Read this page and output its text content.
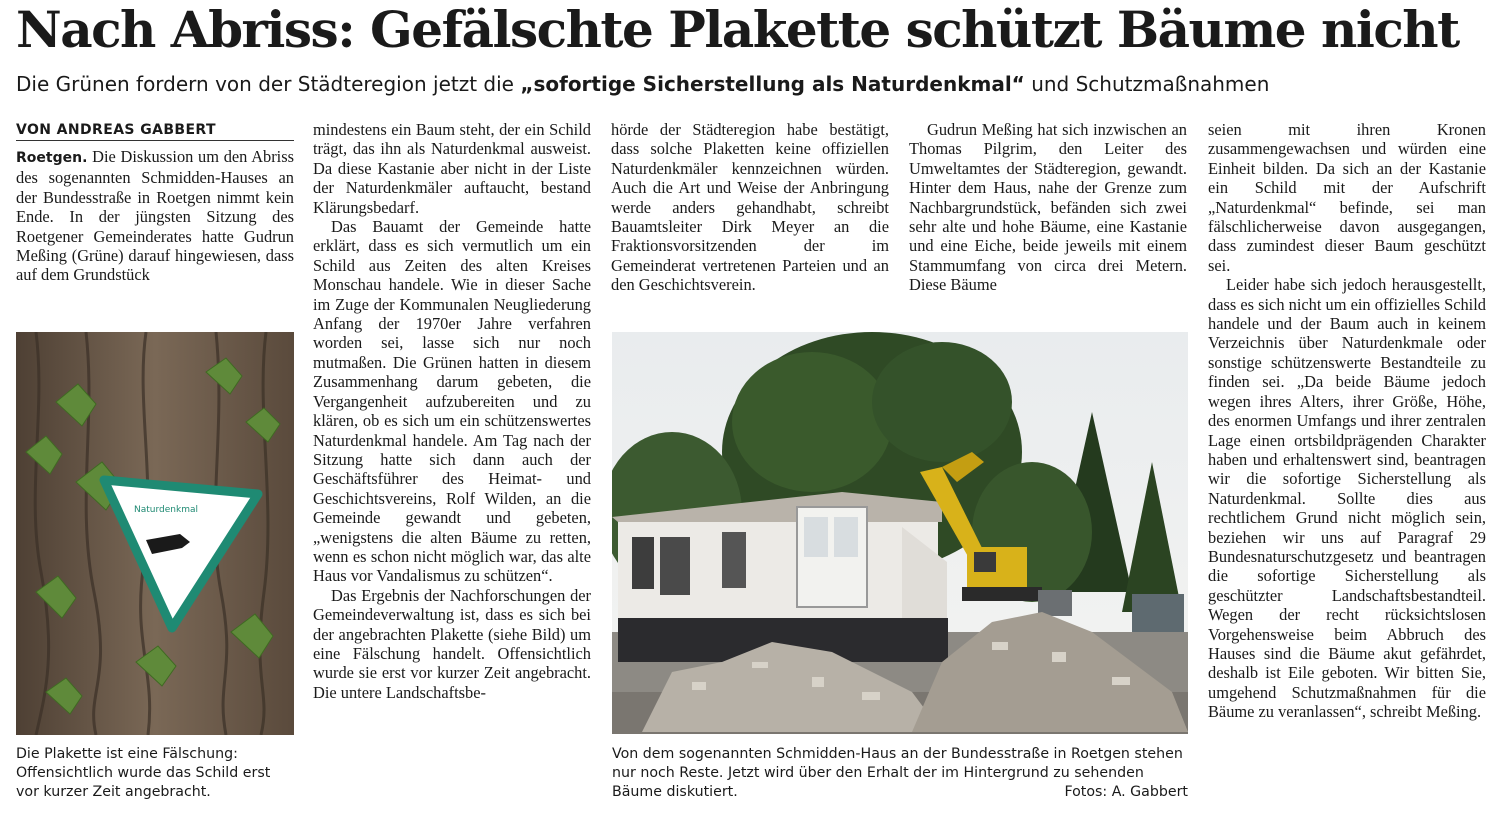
Nach Abriss: Gefälschte Plakette schützt Bäume nicht
Die Grünen fordern von der Städteregion jetzt die „sofortige Sicherstellung als Naturdenkmal“ und Schutzmaßnahmen
VON ANDREAS GABBERT

Roetgen. Die Diskussion um den Abriss des sogenannten Schmidden-Hauses an der Bundesstraße in Roetgen nimmt kein Ende. In der jüngsten Sitzung des Roetgener Gemeinderates hatte Gudrun Meßing (Grüne) darauf hingewiesen, dass auf dem Grundstück

Naturdenkmal
Die Plakette ist eine Fälschung: Offensichtlich wurde das Schild erst vor kurzer Zeit angebracht.

mindestens ein Baum steht, der ein Schild trägt, das ihn als Naturdenkmal ausweist. Da diese Kastanie aber nicht in der Liste der Naturdenkmäler auftaucht, bestand Klärungsbedarf.

Das Bauamt der Gemeinde hatte erklärt, dass es sich vermutlich um ein Schild aus Zeiten des alten Kreises Monschau handele. Wie in dieser Sache im Zuge der Kommunalen Neugliederung Anfang der 1970er Jahre verfahren worden sei, lasse sich nur noch mutmaßen. Die Grünen hatten in diesem Zusammenhang darum gebeten, die Vergangenheit aufzubereiten und zu klären, ob es sich um ein schützenswertes Naturdenkmal handele. Am Tag nach der Sitzung hatte sich dann auch der Geschäftsführer des Heimat- und Geschichtsvereins, Rolf Wilden, an die Gemeinde gewandt und gebeten, „wenigstens die alten Bäume zu retten, wenn es schon nicht möglich war, das alte Haus vor Vandalismus zu schützen“.

Das Ergebnis der Nachforschungen der Gemeindeverwaltung ist, dass es sich bei der angebrachten Plakette (siehe Bild) um eine Fälschung handelt. Offensichtlich wurde sie erst vor kurzer Zeit angebracht. Die untere Landschaftsbe-

hörde der Städteregion habe bestätigt, dass solche Plaketten keine offiziellen Naturdenkmäler kennzeichnen würden. Auch die Art und Weise der Anbringung werde anders gehandhabt, schreibt Bauamtsleiter Dirk Meyer an die Fraktionsvorsitzenden der im Gemeinderat vertretenen Parteien und an den Geschichtsverein.

Gudrun Meßing hat sich inzwischen an Thomas Pilgrim, den Leiter des Umweltamtes der Städteregion, gewandt. Hinter dem Haus, nahe der Grenze zum Nachbargrundstück, befänden sich zwei sehr alte und hohe Bäume, eine Kastanie und eine Eiche, beide jeweils mit einem Stammumfang von circa drei Metern. Diese Bäume

seien mit ihren Kronen zusammengewachsen und würden eine Einheit bilden. Da sich an der Kastanie ein Schild mit der Aufschrift „Naturdenkmal“ befinde, sei man fälschlicherweise davon ausgegangen, dass zumindest dieser Baum geschützt sei.

Leider habe sich jedoch herausgestellt, dass es sich nicht um ein offizielles Schild handele und der Baum auch in keinem Verzeichnis über Naturdenkmale oder sonstige schützenswerte Bestandteile zu finden sei. „Da beide Bäume jedoch wegen ihres Alters, ihrer Größe, Höhe, des enormen Umfangs und ihrer zentralen Lage einen ortsbildprägenden Charakter haben und erhaltenswert sind, beantragen wir die sofortige Sicherstellung als Naturdenkmal. Sollte dies aus rechtlichem Grund nicht möglich sein, beziehen wir uns auf Paragraf 29 Bundesnaturschutzgesetz und beantragen die sofortige Sicherstellung als geschützter Landschaftsbestandteil. Wegen der recht rücksichtslosen Vorgehensweise beim Abbruch des Hauses sind die Bäume akut gefährdet, deshalb ist Eile geboten. Wir bitten Sie, umgehend Schutzmaßnahmen für die Bäume zu veranlassen“, schreibt Meßing.

Von dem sogenannten Schmidden-Haus an der Bundesstraße in Roetgen stehen nur noch Reste. Jetzt wird über den Erhalt der im Hintergrund zu sehenden Bäume diskutiert.	Fotos: A. Gabbert
